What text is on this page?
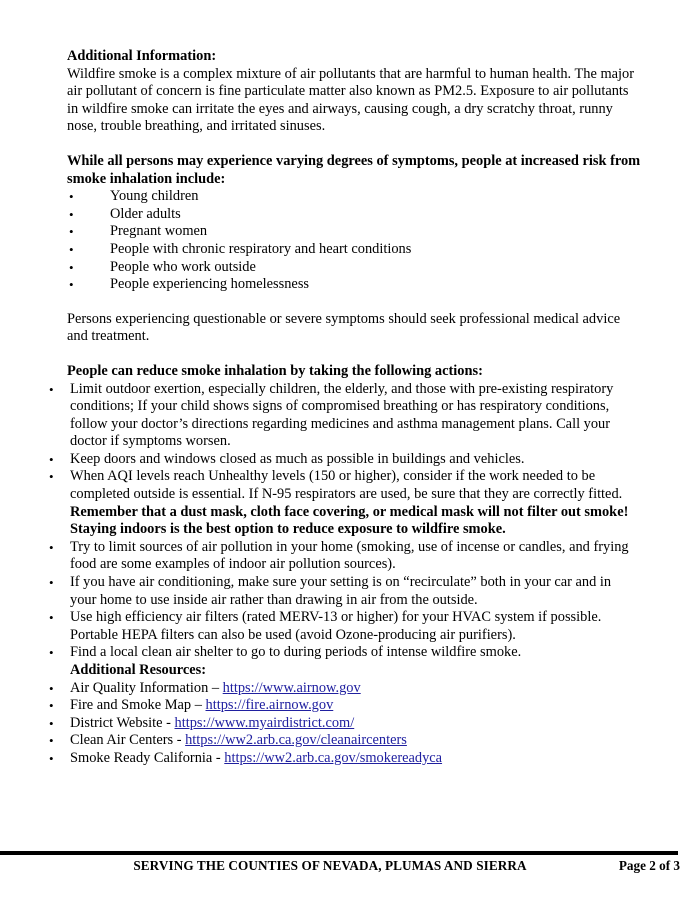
Additional Information:
Wildfire smoke is a complex mixture of air pollutants that are harmful to human health. The major air pollutant of concern is fine particulate matter also known as PM2.5. Exposure to air pollutants in wildfire smoke can irritate the eyes and airways, causing cough, a dry scratchy throat, runny nose, trouble breathing, and irritated sinuses.
While all persons may experience varying degrees of symptoms, people at increased risk from smoke inhalation include:
•	Young children
•	Older adults
•	Pregnant women
•	People with chronic respiratory and heart conditions
•	People who work outside
•	People experiencing homelessness
Persons experiencing questionable or severe symptoms should seek professional medical advice and treatment.
People can reduce smoke inhalation by taking the following actions:
• Limit outdoor exertion, especially children, the elderly, and those with pre-existing respiratory conditions; If your child shows signs of compromised breathing or has respiratory conditions, follow your doctor’s directions regarding medicines and asthma management plans. Call your doctor if symptoms worsen.
• Keep doors and windows closed as much as possible in buildings and vehicles.
• When AQI levels reach Unhealthy levels (150 or higher), consider if the work needed to be completed outside is essential. If N-95 respirators are used, be sure that they are correctly fitted. Remember that a dust mask, cloth face covering, or medical mask will not filter out smoke! Staying indoors is the best option to reduce exposure to wildfire smoke.
• Try to limit sources of air pollution in your home (smoking, use of incense or candles, and frying food are some examples of indoor air pollution sources).
• If you have air conditioning, make sure your setting is on “recirculate” both in your car and in your home to use inside air rather than drawing in air from the outside.
• Use high efficiency air filters (rated MERV-13 or higher) for your HVAC system if possible. Portable HEPA filters can also be used (avoid Ozone-producing air purifiers).
• Find a local clean air shelter to go to during periods of intense wildfire smoke.
Additional Resources:
• Air Quality Information – https://www.airnow.gov
• Fire and Smoke Map – https://fire.airnow.gov
• District Website - https://www.myairdistrict.com/
• Clean Air Centers - https://ww2.arb.ca.gov/cleanaircenters
• Smoke Ready California - https://ww2.arb.ca.gov/smokereadyca
SERVING THE COUNTIES OF NEVADA, PLUMAS AND SIERRA	Page 2 of 3
